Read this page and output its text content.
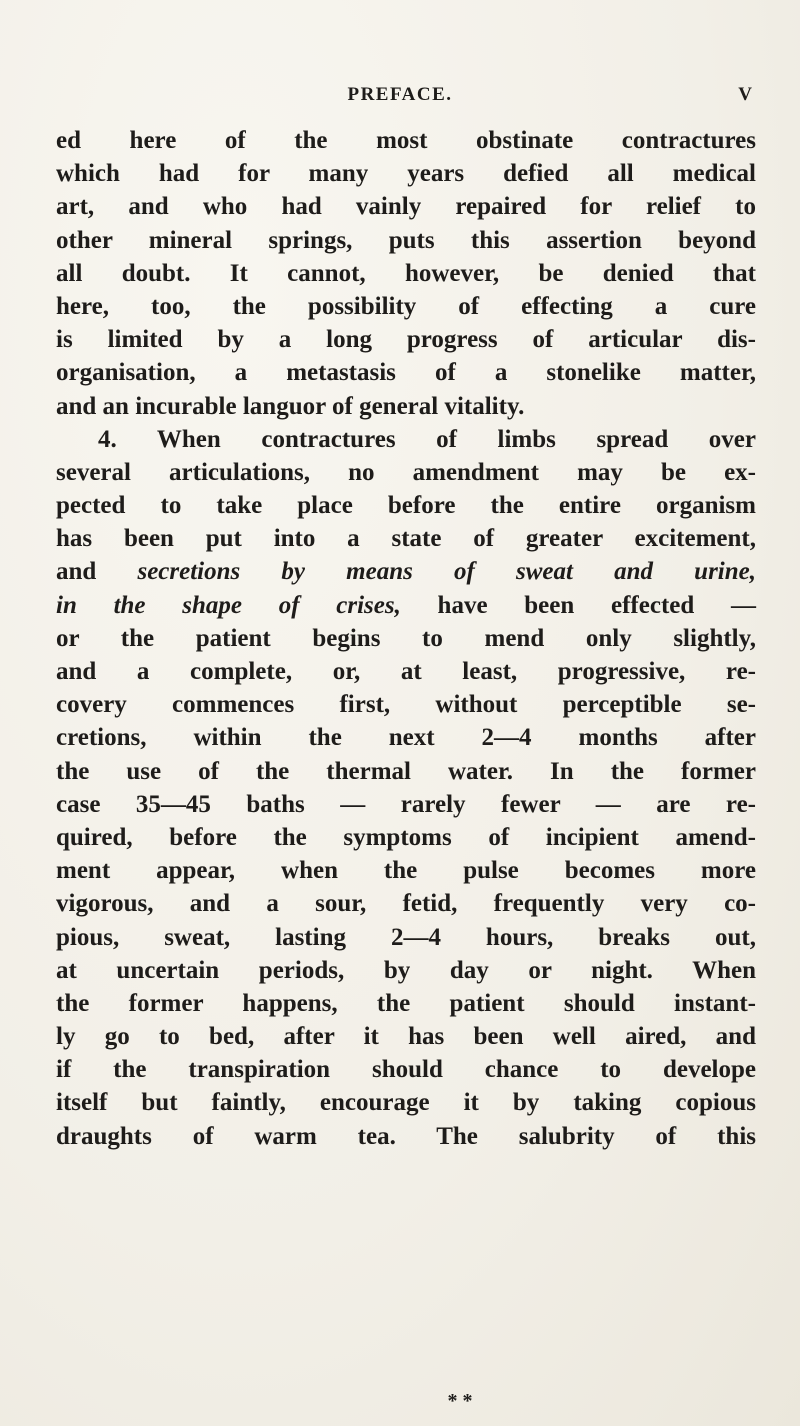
PREFACE.	V
ed here of the most obstinate contractures
which had for many years defied all medical
art, and who had vainly repaired for relief to
other mineral springs, puts this assertion beyond
all doubt. It cannot, however, be denied that
here, too, the possibility of effecting a cure
is limited by a long progress of articular dis-
organisation, a metastasis of a stonelike matter,
and an incurable languor of general vitality.
4. When contractures of limbs spread over
several articulations, no amendment may be ex-
pected to take place before the entire organism
has been put into a state of greater excitement,
and secretions by means of sweat and urine,
in the shape of crises, have been effected —
or the patient begins to mend only slightly,
and a complete, or, at least, progressive, re-
covery commences first, without perceptible se-
cretions, within the next 2—4 months after
the use of the thermal water. In the former
case 35—45 baths — rarely fewer — are re-
quired, before the symptoms of incipient amend-
ment appear, when the pulse becomes more
vigorous, and a sour, fetid, frequently very co-
pious, sweat, lasting 2—4 hours, breaks out,
at uncertain periods, by day or night. When
the former happens, the patient should instant-
ly go to bed, after it has been well aired, and
if the transpiration should chance to develope
itself but faintly, encourage it by taking copious
draughts of warm tea. The salubrity of this
* *
